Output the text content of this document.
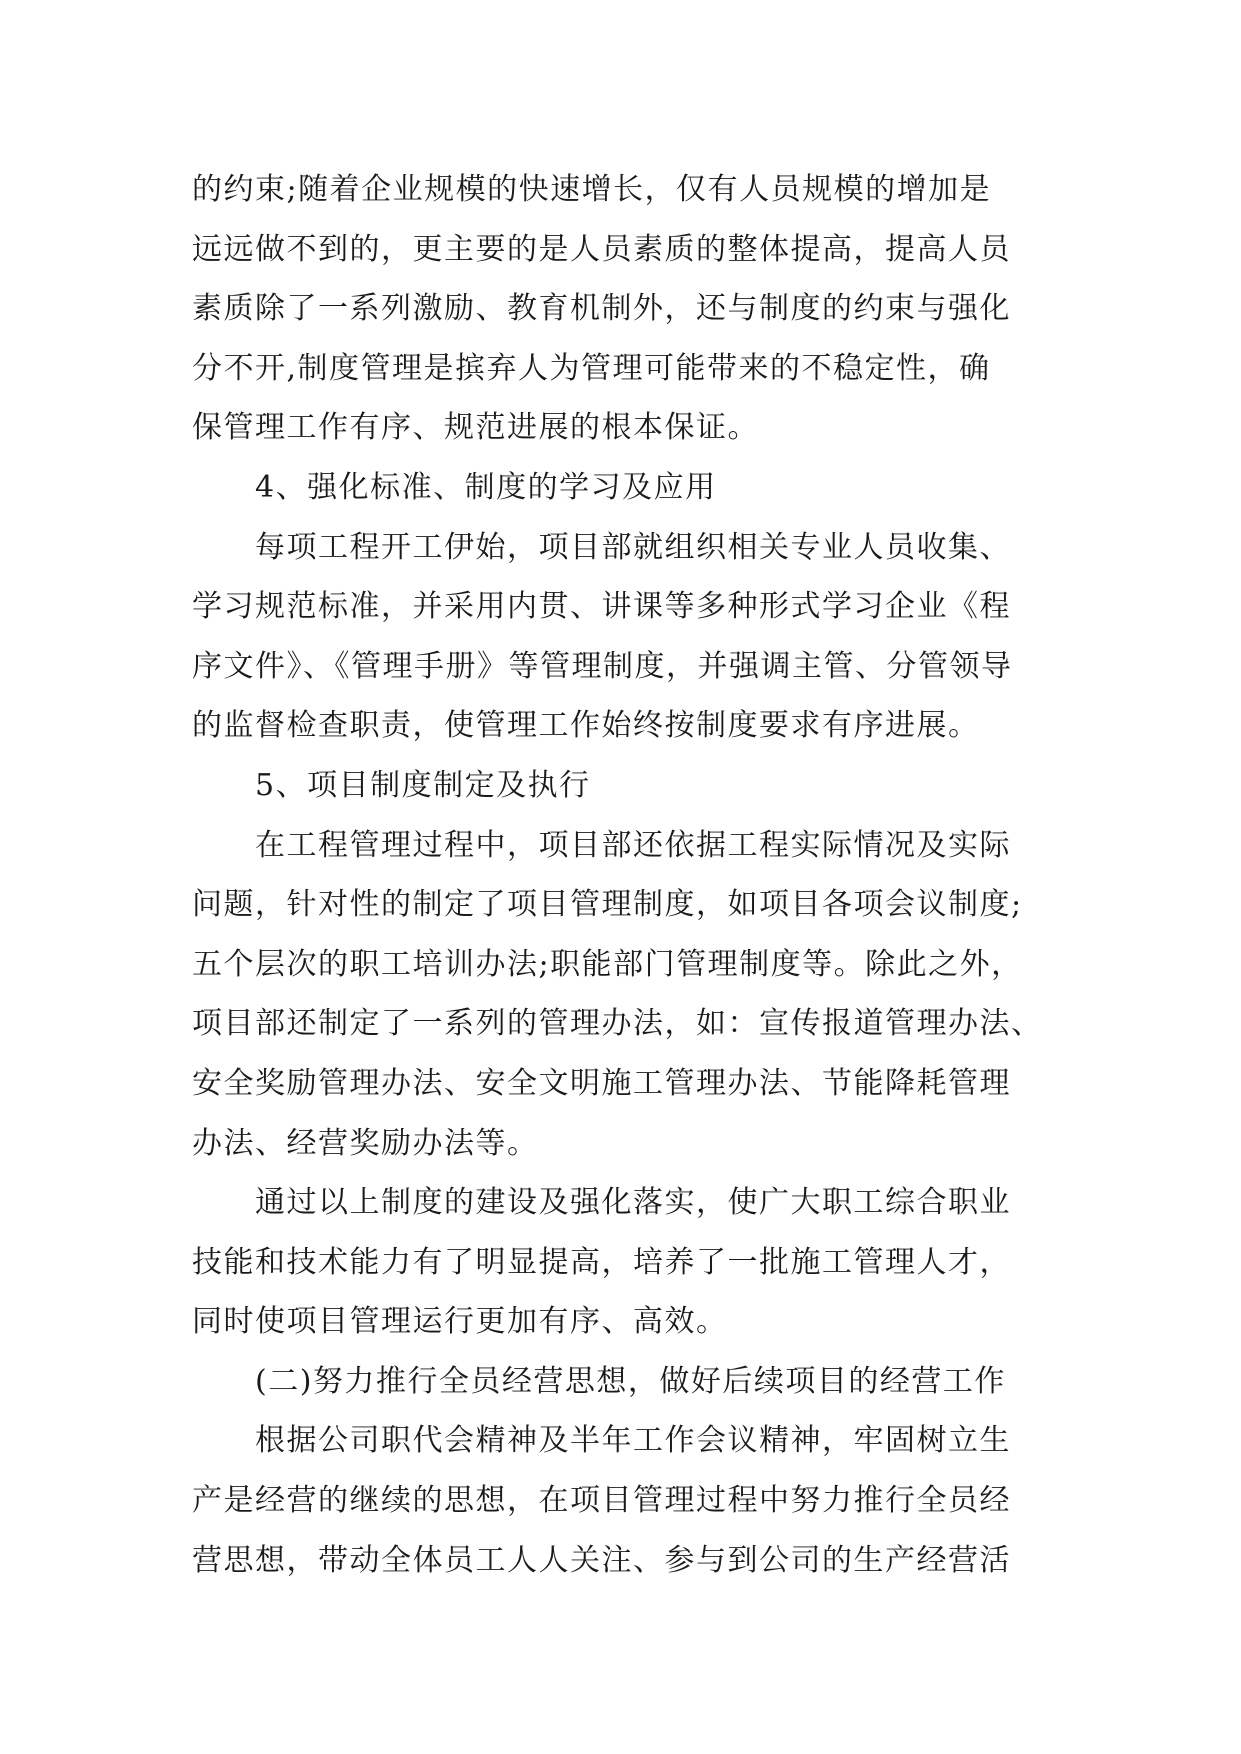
的约束;随着企业规模的快速增长，仅有人员规模的增加是
远远做不到的，更主要的是人员素质的整体提高，提高人员
素质除了一系列激励、教育机制外，还与制度的约束与强化
分不开,制度管理是摈弃人为管理可能带来的不稳定性，确
保管理工作有序、规范进展的根本保证。
4、强化标准、制度的学习及应用
每项工程开工伊始，项目部就组织相关专业人员收集、
学习规范标准，并采用内贯、讲课等多种形式学习企业《程
序文件》、《管理手册》等管理制度，并强调主管、分管领导
的监督检查职责，使管理工作始终按制度要求有序进展。
5、项目制度制定及执行
在工程管理过程中，项目部还依据工程实际情况及实际
问题，针对性的制定了项目管理制度，如项目各项会议制度;
五个层次的职工培训办法;职能部门管理制度等。除此之外，
项目部还制定了一系列的管理办法，如：宣传报道管理办法、
安全奖励管理办法、安全文明施工管理办法、节能降耗管理
办法、经营奖励办法等。
通过以上制度的建设及强化落实，使广大职工综合职业
技能和技术能力有了明显提高，培养了一批施工管理人才，
同时使项目管理运行更加有序、高效。
(二)努力推行全员经营思想，做好后续项目的经营工作
根据公司职代会精神及半年工作会议精神，牢固树立生
产是经营的继续的思想，在项目管理过程中努力推行全员经
营思想，带动全体员工人人关注、参与到公司的生产经营活
